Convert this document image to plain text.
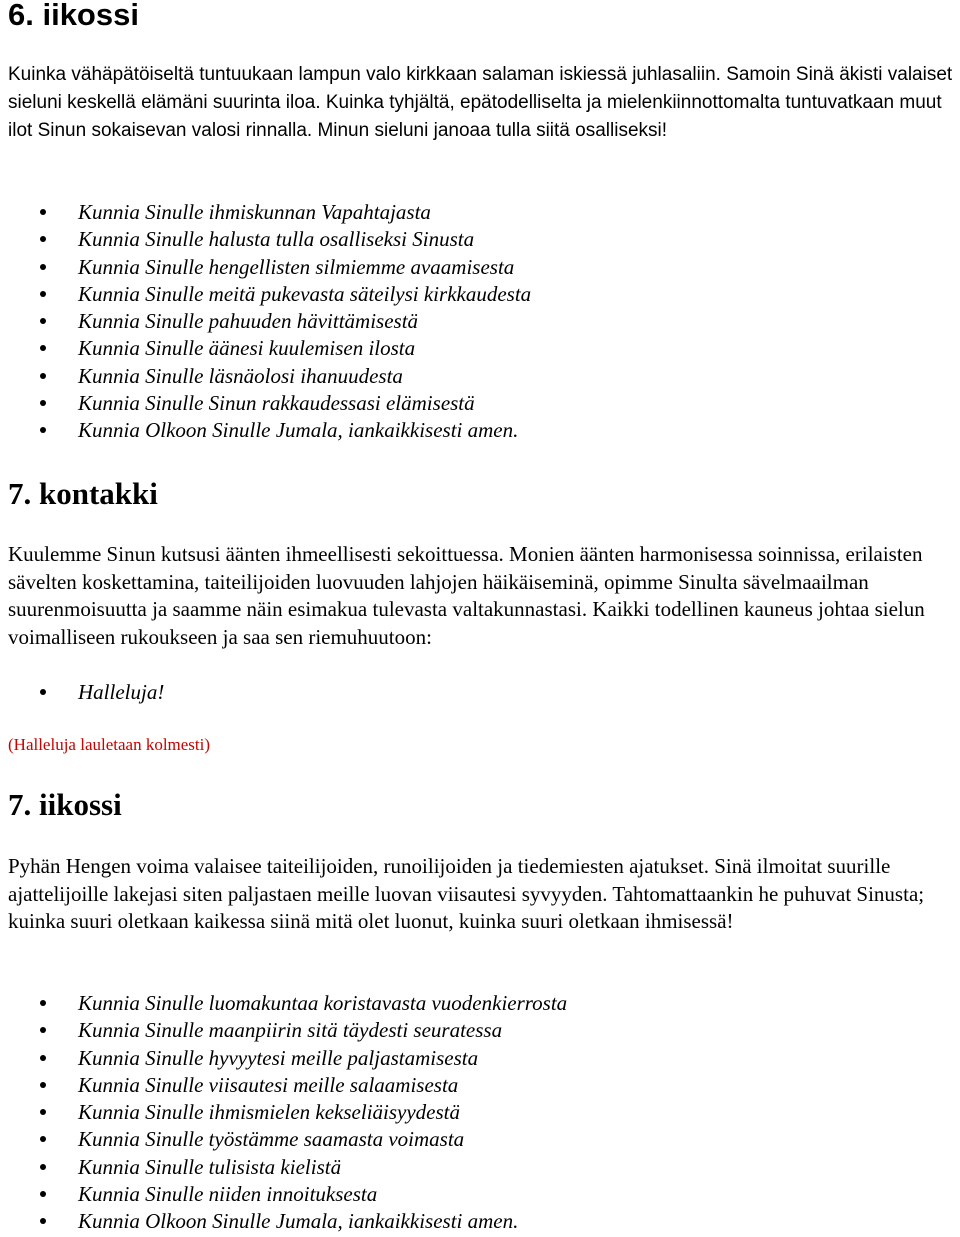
6. iikossi

Kuinka vähäpätöiseltä tuntuukaan lampun valo kirkkaan salaman iskiessä juhlasaliin. Samoin Sinä äkisti valaiset sieluni keskellä elämäni suurinta iloa. Kuinka tyhjältä, epätodelliselta ja mielenkiinnottomalta tuntuvatkaan muut ilot Sinun sokaisevan valosi rinnalla. Minun sieluni janoaa tulla siitä osalliseksi!

Kunnia Sinulle ihmiskunnan Vapahtajasta
Kunnia Sinulle halusta tulla osalliseksi Sinusta
Kunnia Sinulle hengellisten silmiemme avaamisesta
Kunnia Sinulle meitä pukevasta säteilysi kirkkaudesta
Kunnia Sinulle pahuuden hävittämisestä
Kunnia Sinulle äänesi kuulemisen ilosta
Kunnia Sinulle läsnäolosi ihanuudesta
Kunnia Sinulle Sinun rakkaudessasi elämisestä
Kunnia Olkoon Sinulle Jumala, iankaikkisesti amen.
7. kontakki

Kuulemme Sinun kutsusi äänten ihmeellisesti sekoittuessa. Monien äänten harmonisessa soinnissa, erilaisten sävelten koskettamina, taiteilijoiden luovuuden lahjojen häikäiseminä, opimme Sinulta sävelmaailman suurenmoisuutta ja saamme näin esimakua tulevasta valtakunnastasi. Kaikki todellinen kauneus johtaa sielun voimalliseen rukoukseen ja saa sen riemuhuutoon:

Halleluja!
(Halleluja lauletaan kolmesti)
7. iikossi

Pyhän Hengen voima valaisee taiteilijoiden, runoilijoiden ja tiedemiesten ajatukset. Sinä ilmoitat suurille ajattelijoille lakejasi siten paljastaen meille luovan viisautesi syvyyden. Tahtomattaankin he puhuvat Sinusta; kuinka suuri oletkaan kaikessa siinä mitä olet luonut, kuinka suuri oletkaan ihmisessä!

Kunnia Sinulle luomakuntaa koristavasta vuodenkierrosta
Kunnia Sinulle maanpiirin sitä täydesti seuratessa
Kunnia Sinulle hyvyytesi meille paljastamisesta
Kunnia Sinulle viisautesi meille salaamisesta
Kunnia Sinulle ihmismielen kekseliäisyydestä
Kunnia Sinulle työstämme saamasta voimasta
Kunnia Sinulle tulisista kielistä
Kunnia Sinulle niiden innoituksesta
Kunnia Olkoon Sinulle Jumala, iankaikkisesti amen.
